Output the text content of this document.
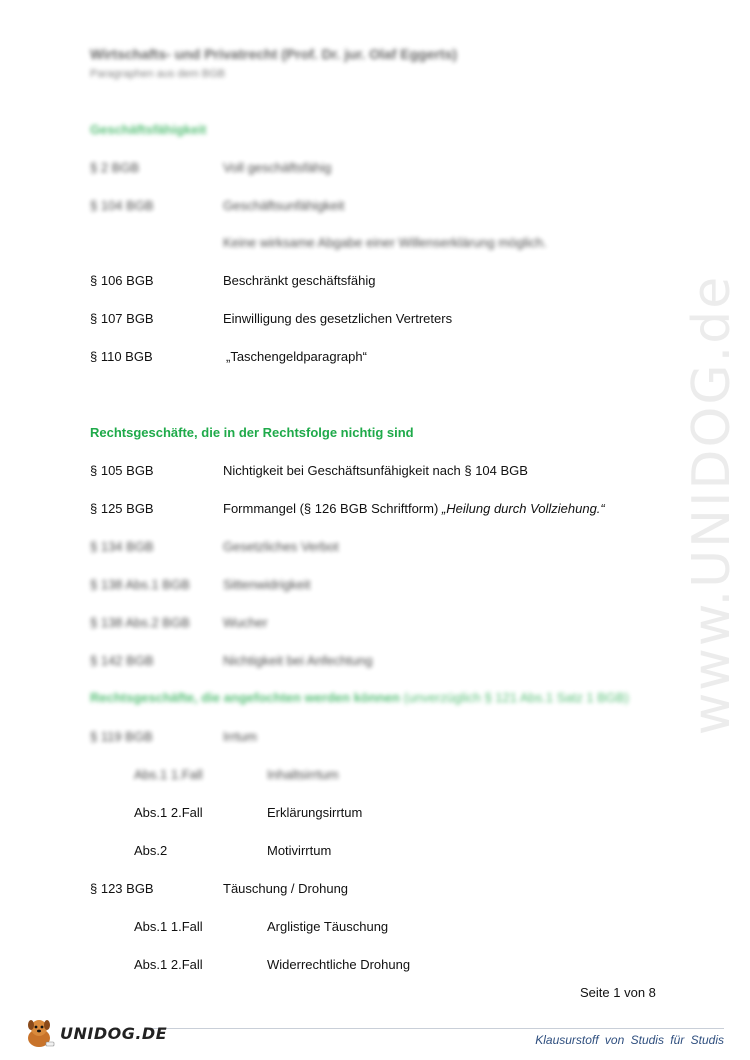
www.UNIDOG.de
Wirtschafts- und Privatrecht (Prof. Dr. jur. Olaf Eggerts)
Paragraphen aus dem BGB
Geschäftsfähigkeit
§ 2 BGB	Voll geschäftsfähig
§ 104 BGB	Geschäftsunfähigkeit
Keine wirksame Abgabe einer Willenserklärung möglich.
§ 106 BGB	Beschränkt geschäftsfähig
§ 107 BGB	Einwilligung des gesetzlichen Vertreters
§ 110 BGB	„Taschengeldparagraph“
Rechtsgeschäfte, die in der Rechtsfolge nichtig sind
§ 105 BGB	Nichtigkeit bei Geschäftsunfähigkeit nach § 104 BGB
§ 125 BGB	Formmangel (§ 126 BGB Schriftform) „Heilung durch Vollziehung.“
§ 134 BGB	Gesetzliches Verbot
§ 138 Abs.1 BGB	Sittenwidrigkeit
§ 138 Abs.2 BGB	Wucher
§ 142 BGB	Nichtigkeit bei Anfechtung
Rechtsgeschäfte, die angefochten werden können (unverzüglich § 121 Abs.1 Satz 1 BGB)
§ 119 BGB	Irrtum
Abs.1 1.Fall	Inhaltsirrtum
Abs.1 2.Fall	Erklärungsirrtum
Abs.2	Motivirrtum
§ 123 BGB	Täuschung / Drohung
Abs.1 1.Fall	Arglistige Täuschung
Abs.1 2.Fall	Widerrechtliche Drohung
Seite 1 von 8
UNIDOG.DE	Klausurstoff von Studis für Studis
